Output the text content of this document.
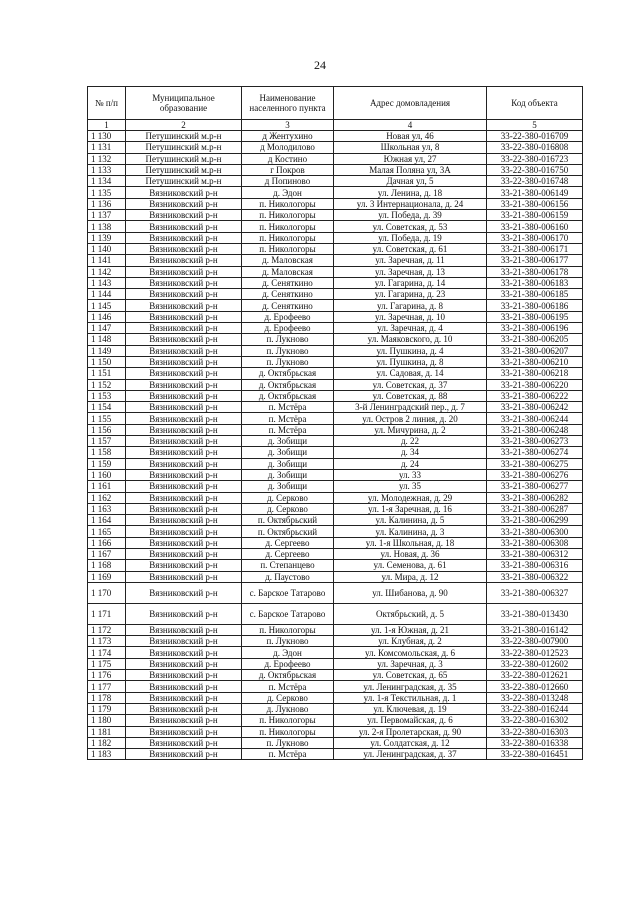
24
№ п/п	Муниципальное образование	Наименование населенного пункта	Адрес домовладения	Код объекта
1	2	3	4	5
1 130	Петушинский м.р-н	д Жентухино	Новая ул, 46	33-22-380-016709
1 131	Петушинский м.р-н	д Молодилово	Школьная ул, 8	33-22-380-016808
1 132	Петушинский м.р-н	д Костино	Южная ул, 27	33-22-380-016723
1 133	Петушинский м.р-н	г Покров	Малая Поляна ул, 3А	33-22-380-016750
1 134	Петушинский м.р-н	д Попиново	Дачная ул, 5	33-22-380-016748
1 135	Вязниковский р-н	д. Эдон	ул. Ленина, д. 18	33-21-380-006149
1 136	Вязниковский р-н	п. Никологоры	ул. 3 Интернационала, д. 24	33-21-380-006156
1 137	Вязниковский р-н	п. Никологоры	ул. Победа, д. 39	33-21-380-006159
1 138	Вязниковский р-н	п. Никологоры	ул. Советская, д. 53	33-21-380-006160
1 139	Вязниковский р-н	п. Никологоры	ул. Победа, д. 19	33-21-380-006170
1 140	Вязниковский р-н	п. Никологоры	ул. Советская, д. 61	33-21-380-006171
1 141	Вязниковский р-н	д. Маловская	ул. Заречная, д. 11	33-21-380-006177
1 142	Вязниковский р-н	д. Маловская	ул. Заречная, д. 13	33-21-380-006178
1 143	Вязниковский р-н	д. Сеняткино	ул. Гагарина, д. 14	33-21-380-006183
1 144	Вязниковский р-н	д. Сеняткино	ул. Гагарина, д. 23	33-21-380-006185
1 145	Вязниковский р-н	д. Сеняткино	ул. Гагарина, д. 8	33-21-380-006186
1 146	Вязниковский р-н	д. Ерофеево	ул. Заречная, д. 10	33-21-380-006195
1 147	Вязниковский р-н	д. Ерофеево	ул. Заречная, д. 4	33-21-380-006196
1 148	Вязниковский р-н	п. Лукново	ул. Маяковского, д. 10	33-21-380-006205
1 149	Вязниковский р-н	п. Лукново	ул. Пушкина, д. 4	33-21-380-006207
1 150	Вязниковский р-н	п. Лукново	ул. Пушкина, д. 8	33-21-380-006210
1 151	Вязниковский р-н	д. Октябрьская	ул. Садовая, д. 14	33-21-380-006218
1 152	Вязниковский р-н	д. Октябрьская	ул. Советская, д. 37	33-21-380-006220
1 153	Вязниковский р-н	д. Октябрьская	ул. Советская, д. 88	33-21-380-006222
1 154	Вязниковский р-н	п. Мстёра	3-й Ленинградский пер., д. 7	33-21-380-006242
1 155	Вязниковский р-н	п. Мстёра	ул. Остров 2 линия, д. 20	33-21-380-006244
1 156	Вязниковский р-н	п. Мстёра	ул. Мичурина, д. 2	33-21-380-006248
1 157	Вязниковский р-н	д. Зобищи	д. 22	33-21-380-006273
1 158	Вязниковский р-н	д. Зобищи	д. 34	33-21-380-006274
1 159	Вязниковский р-н	д. Зобищи	д. 24	33-21-380-006275
1 160	Вязниковский р-н	д. Зобищи	ул. 33	33-21-380-006276
1 161	Вязниковский р-н	д. Зобищи	ул. 35	33-21-380-006277
1 162	Вязниковский р-н	д. Серково	ул. Молодежная, д. 29	33-21-380-006282
1 163	Вязниковский р-н	д. Серково	ул. 1-я Заречная, д. 16	33-21-380-006287
1 164	Вязниковский р-н	п. Октябрьский	ул. Калинина, д. 5	33-21-380-006299
1 165	Вязниковский р-н	п. Октябрьский	ул. Калинина, д. 3	33-21-380-006300
1 166	Вязниковский р-н	д. Сергеево	ул. 1-я Школьная, д. 18	33-21-380-006308
1 167	Вязниковский р-н	д. Сергеево	ул. Новая, д. 36	33-21-380-006312
1 168	Вязниковский р-н	п. Степанцево	ул. Семенова, д. 61	33-21-380-006316
1 169	Вязниковский р-н	д. Паустово	ул. Мира, д. 12	33-21-380-006322
1 170	Вязниковский р-н	с. Барское Татарово	ул. Шибанова, д. 90	33-21-380-006327
1 171	Вязниковский р-н	с. Барское Татарово	Октябрьский, д. 5	33-21-380-013430
1 172	Вязниковский р-н	п. Никологоры	ул. 1-я Южная, д. 21	33-21-380-016142
1 173	Вязниковский р-н	п. Лукново	ул. Клубная, д. 2	33-22-380-007900
1 174	Вязниковский р-н	д. Эдон	ул. Комсомольская, д. 6	33-22-380-012523
1 175	Вязниковский р-н	д. Ерофеево	ул. Заречная, д. 3	33-22-380-012602
1 176	Вязниковский р-н	д. Октябрьская	ул. Советская, д. 65	33-22-380-012621
1 177	Вязниковский р-н	п. Мстёра	ул. Ленинградская, д. 35	33-22-380-012660
1 178	Вязниковский р-н	д. Серково	ул. 1-я Текстильная, д. 1	33-22-380-013248
1 179	Вязниковский р-н	д. Лукново	ул. Ключевая, д. 19	33-22-380-016244
1 180	Вязниковский р-н	п. Никологоры	ул. Первомайская, д. 6	33-22-380-016302
1 181	Вязниковский р-н	п. Никологоры	ул. 2-я Пролетарская, д. 90	33-22-380-016303
1 182	Вязниковский р-н	п. Лукново	ул. Солдатская, д. 12	33-22-380-016338
1 183	Вязниковский р-н	п. Мстёра	ул. Ленинградская, д. 37	33-22-380-016451
